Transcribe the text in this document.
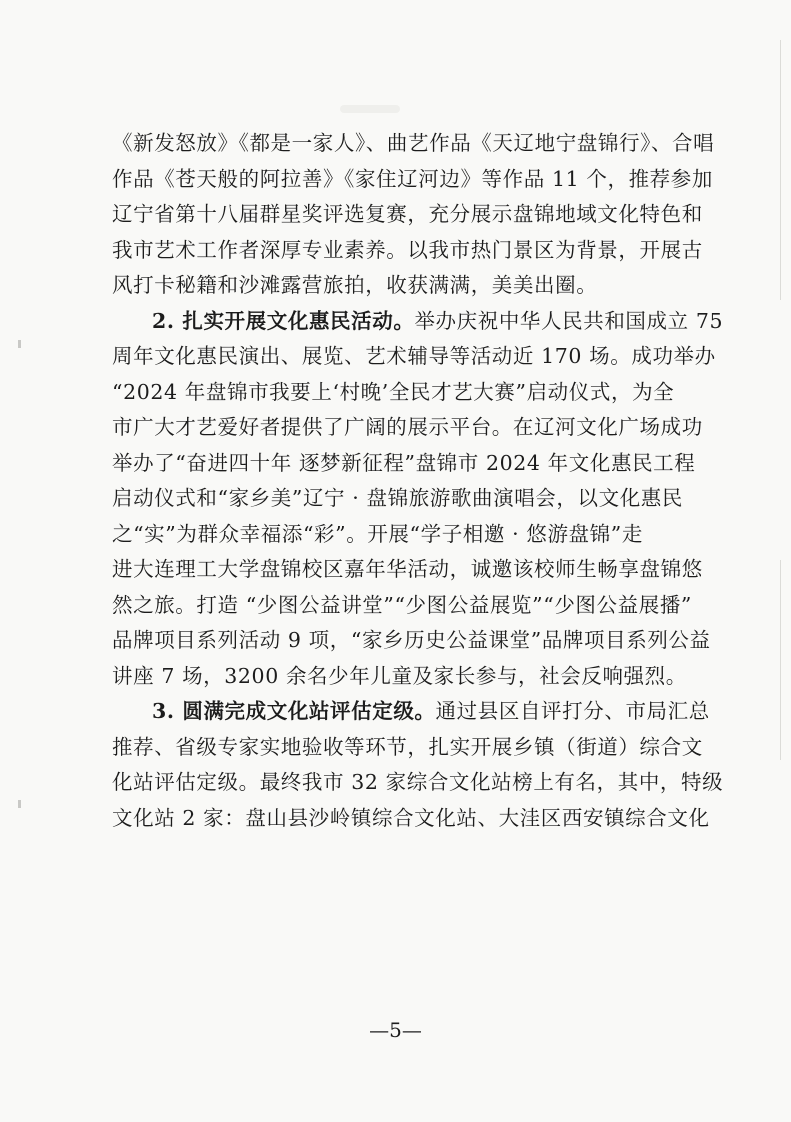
《新发怒放》《都是一家人》、曲艺作品《天辽地宁盘锦行》、合唱
作品《苍天般的阿拉善》《家住辽河边》等作品 11 个，推荐参加
辽宁省第十八届群星奖评选复赛，充分展示盘锦地域文化特色和
我市艺术工作者深厚专业素养。以我市热门景区为背景，开展古
风打卡秘籍和沙滩露营旅拍，收获满满，美美出圈。
2. 扎实开展文化惠民活动。举办庆祝中华人民共和国成立 75
周年文化惠民演出、展览、艺术辅导等活动近 170 场。成功举办
“2024 年盘锦市我要上‘村晚’全民才艺大赛”启动仪式，为全
市广大才艺爱好者提供了广阔的展示平台。在辽河文化广场成功
举办了“奋进四十年 逐梦新征程”盘锦市 2024 年文化惠民工程
启动仪式和“家乡美”辽宁 · 盘锦旅游歌曲演唱会，以文化惠民
之“实”为群众幸福添“彩”。开展“学子相邀 · 悠游盘锦”走
进大连理工大学盘锦校区嘉年华活动，诚邀该校师生畅享盘锦悠
然之旅。打造 “少图公益讲堂”“少图公益展览”“少图公益展播”
品牌项目系列活动 9 项，“家乡历史公益课堂”品牌项目系列公益
讲座 7 场，3200 余名少年儿童及家长参与，社会反响强烈。
3. 圆满完成文化站评估定级。通过县区自评打分、市局汇总
推荐、省级专家实地验收等环节，扎实开展乡镇（街道）综合文
化站评估定级。最终我市 32 家综合文化站榜上有名，其中，特级
文化站 2 家：盘山县沙岭镇综合文化站、大洼区西安镇综合文化
—5—
